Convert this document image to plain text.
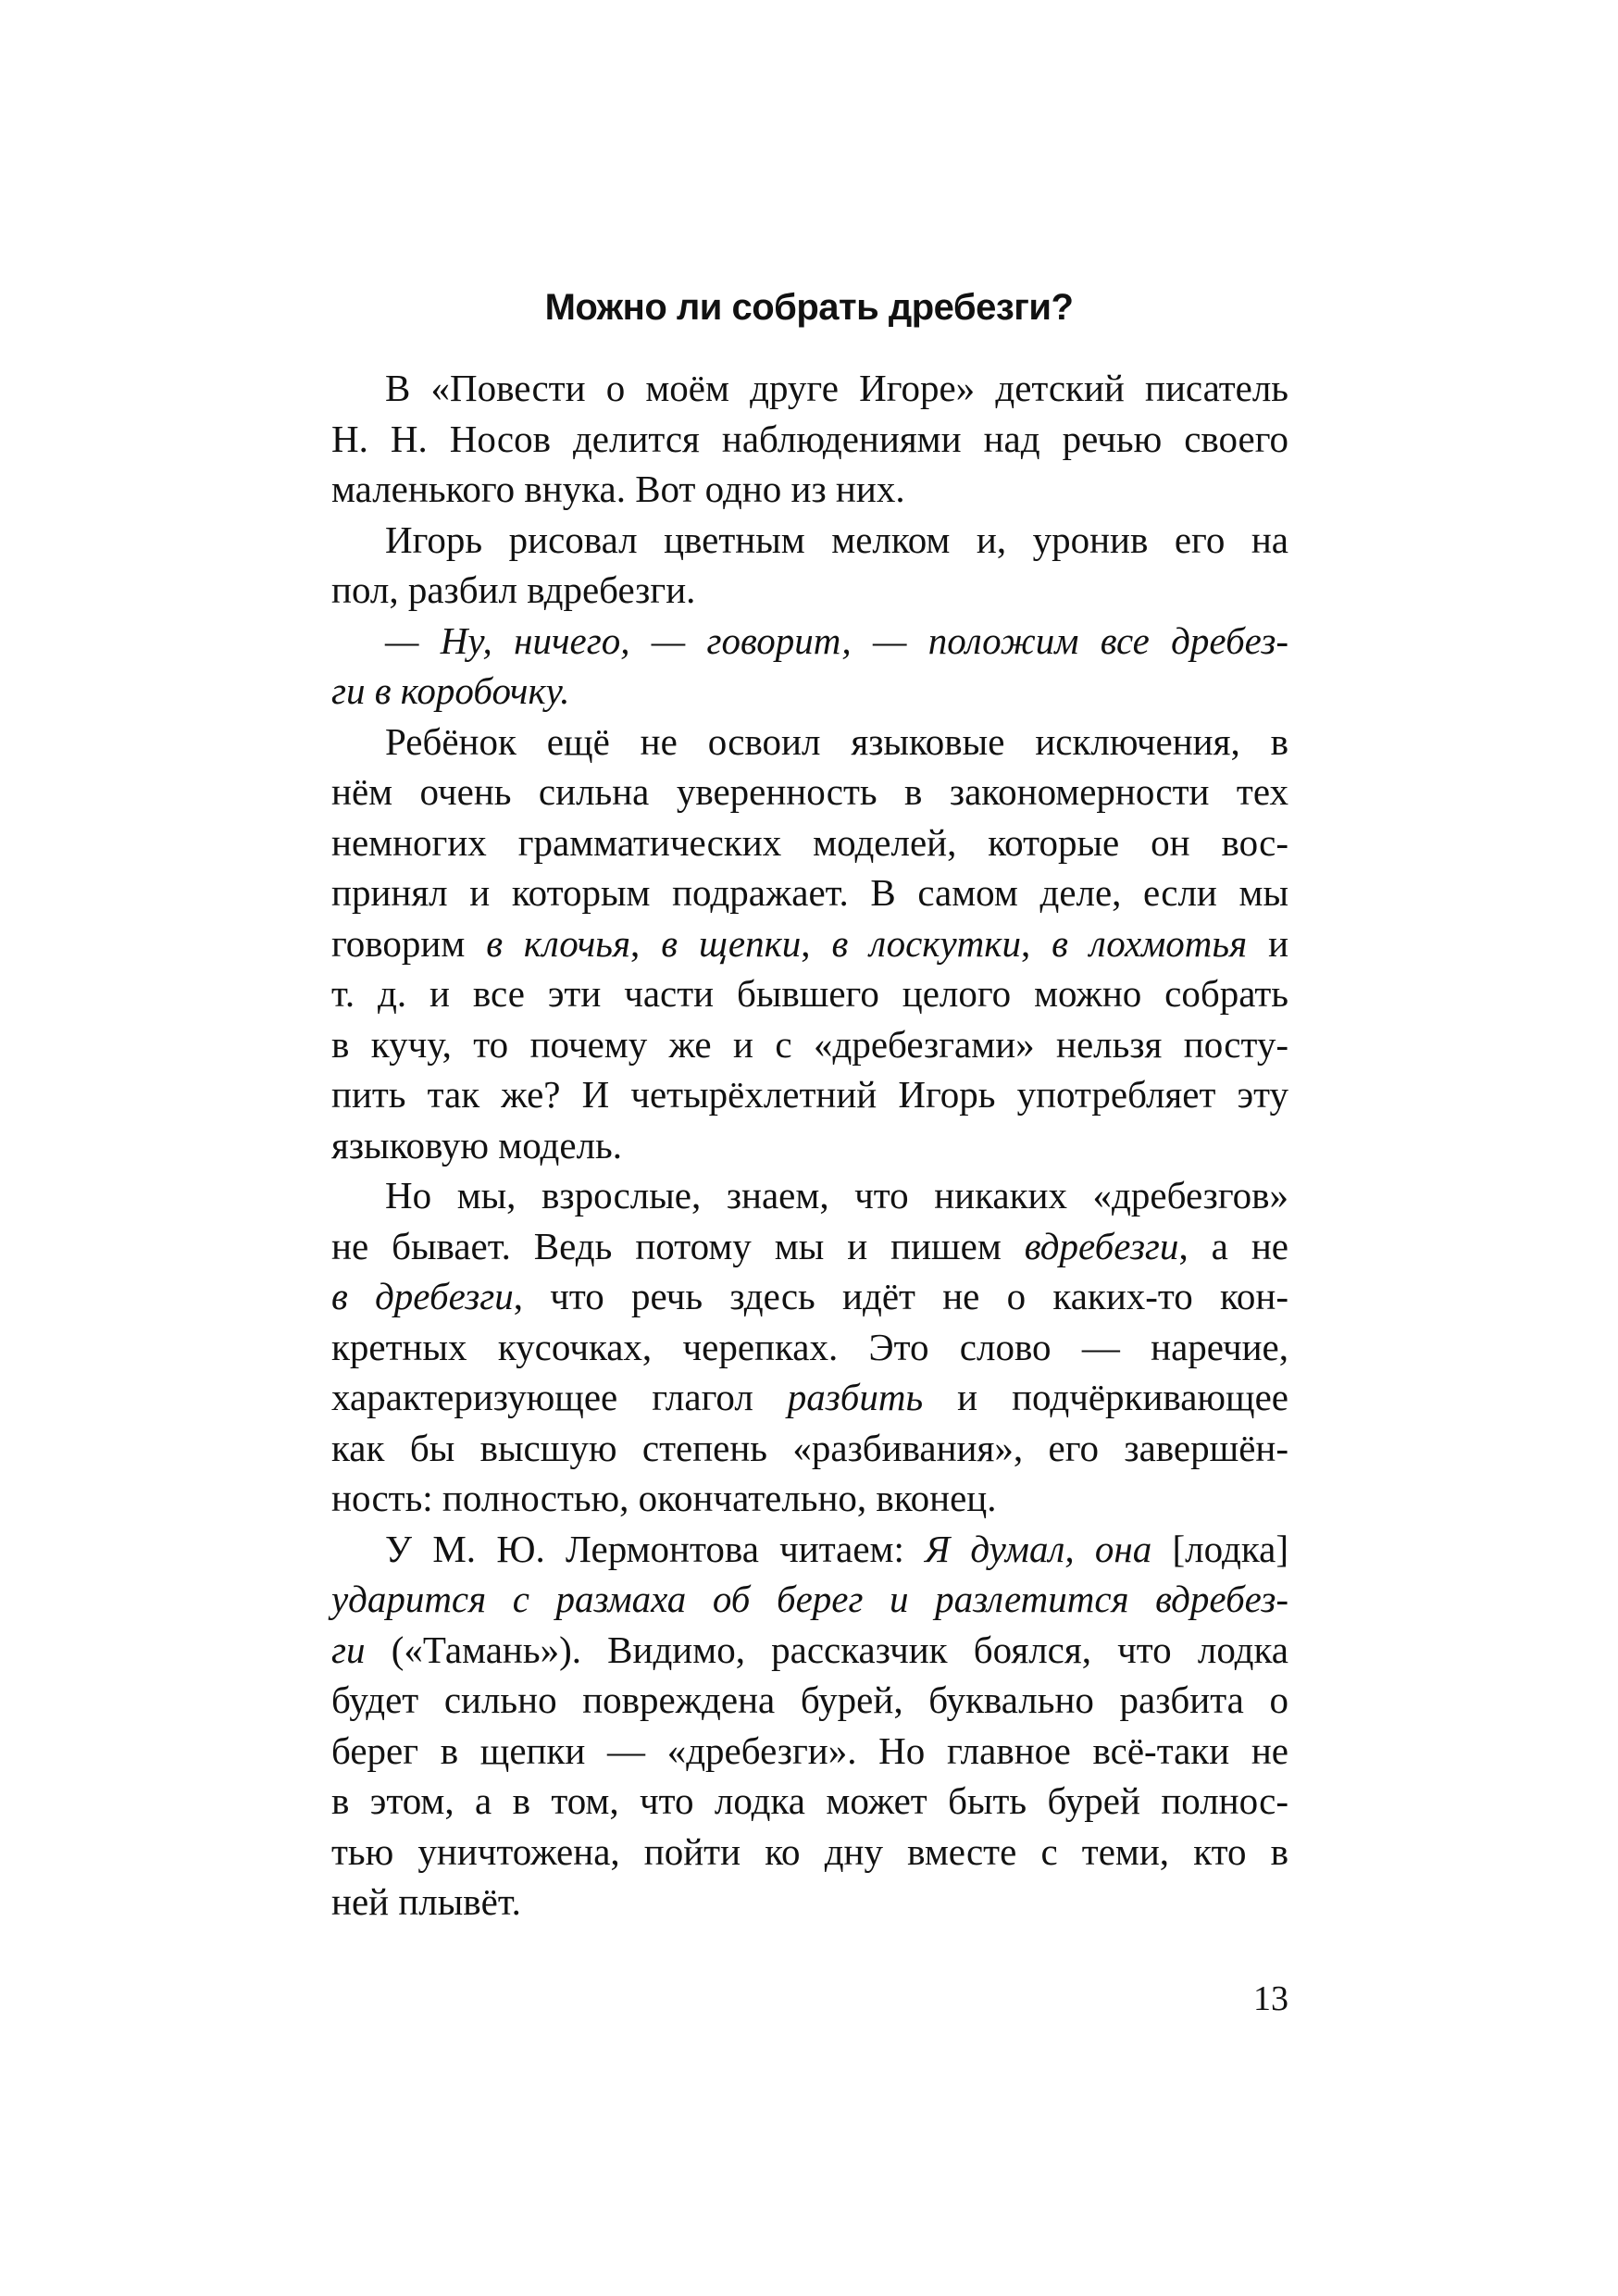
Можно ли собрать дребезги?
В «Повести о моём друге Игоре» детский писатель
Н. Н. Носов делится наблюдениями над речью своего
маленького внука. Вот одно из них.
Игорь рисовал цветным мелком и, уронив его на
пол, разбил вдребезги.
— Ну, ничего, — говорит, — положим все дребез-
ги в коробочку.
Ребёнок ещё не освоил языковые исключения, в
нём очень сильна уверенность в закономерности тех
немногих грамматических моделей, которые он вос-
принял и которым подражает. В самом деле, если мы
говорим в клочья, в щепки, в лоскутки, в лохмотья и
т. д. и все эти части бывшего целого можно собрать
в кучу, то почему же и с «дребезгами» нельзя посту-
пить так же? И четырёхлетний Игорь употребляет эту
языковую модель.
Но мы, взрослые, знаем, что никаких «дребезгов»
не бывает. Ведь потому мы и пишем вдребезги, а не
в дребезги, что речь здесь идёт не о каких-то кон-
кретных кусочках, черепках. Это слово — наречие,
характеризующее глагол разбить и подчёркивающее
как бы высшую степень «разбивания», его завершён-
ность: полностью, окончательно, вконец.
У М. Ю. Лермонтова читаем: Я думал, она [лодка]
ударится с размаха об берег и разлетится вдребез-
ги («Тамань»). Видимо, рассказчик боялся, что лодка
будет сильно повреждена бурей, буквально разбита о
берег в щепки — «дребезги». Но главное всё-таки не
в этом, а в том, что лодка может быть бурей полнос-
тью уничтожена, пойти ко дну вместе с теми, кто в
ней плывёт.
13
